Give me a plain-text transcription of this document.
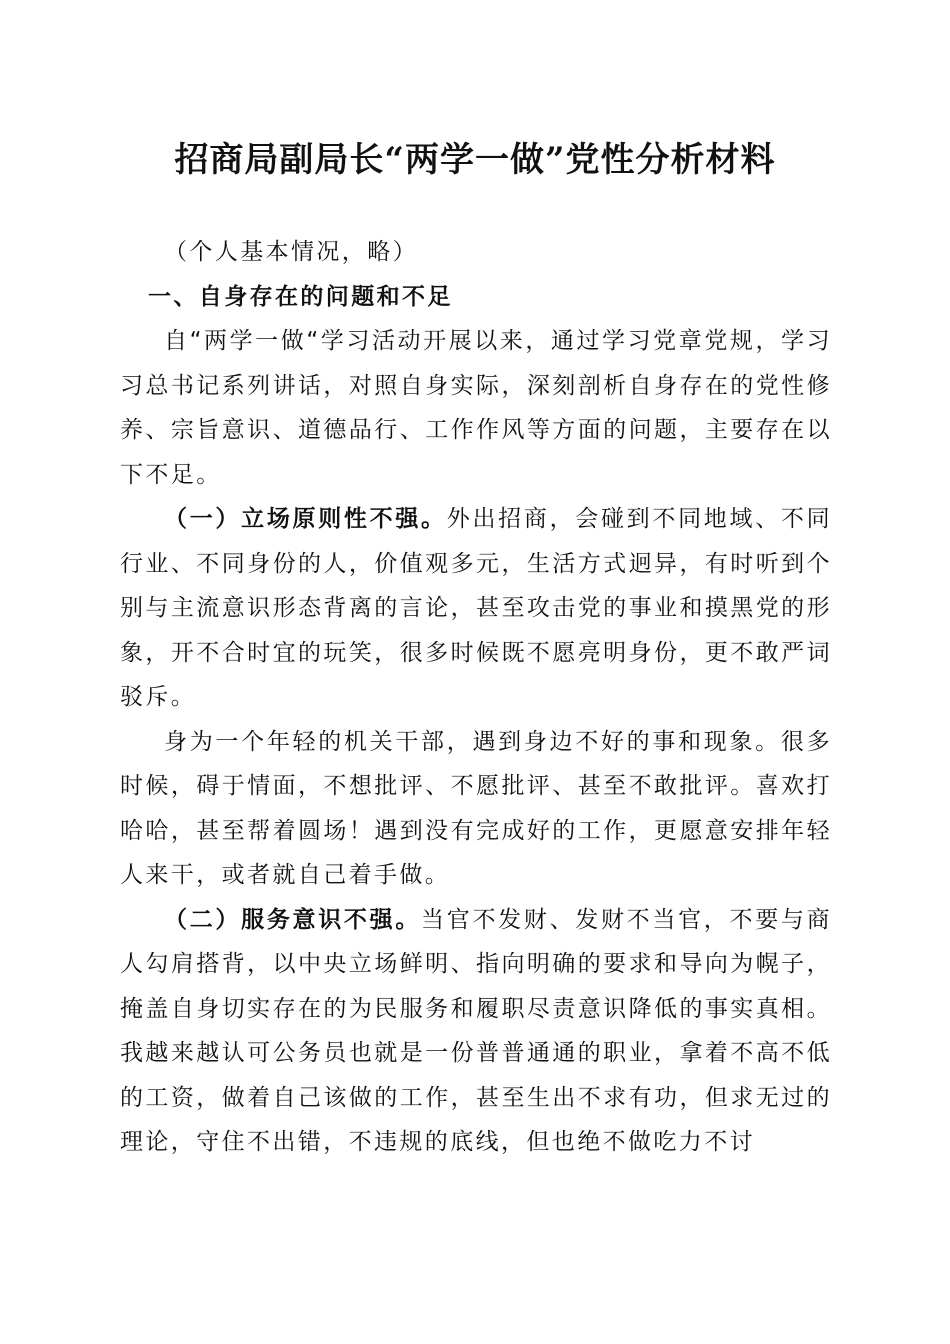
招商局副局长“两学一做”党性分析材料

（个人基本情况，略）

一、自身存在的问题和不足

自“两学一做“学习活动开展以来，通过学习党章党规，学习习总书记系列讲话，对照自身实际，深刻剖析自身存在的党性修养、宗旨意识、道德品行、工作作风等方面的问题，主要存在以下不足。

（一）立场原则性不强。外出招商，会碰到不同地域、不同行业、不同身份的人，价值观多元，生活方式迥异，有时听到个别与主流意识形态背离的言论，甚至攻击党的事业和摸黑党的形象，开不合时宜的玩笑，很多时候既不愿亮明身份，更不敢严词驳斥。

身为一个年轻的机关干部，遇到身边不好的事和现象。很多时候，碍于情面，不想批评、不愿批评、甚至不敢批评。喜欢打哈哈，甚至帮着圆场！遇到没有完成好的工作，更愿意安排年轻人来干，或者就自己着手做。

（二）服务意识不强。当官不发财、发财不当官，不要与商人勾肩搭背，以中央立场鲜明、指向明确的要求和导向为幌子，掩盖自身切实存在的为民服务和履职尽责意识降低的事实真相。我越来越认可公务员也就是一份普普通通的职业，拿着不高不低的工资，做着自己该做的工作，甚至生出不求有功，但求无过的理论，守住不出错，不违规的底线，但也绝不做吃力不讨
